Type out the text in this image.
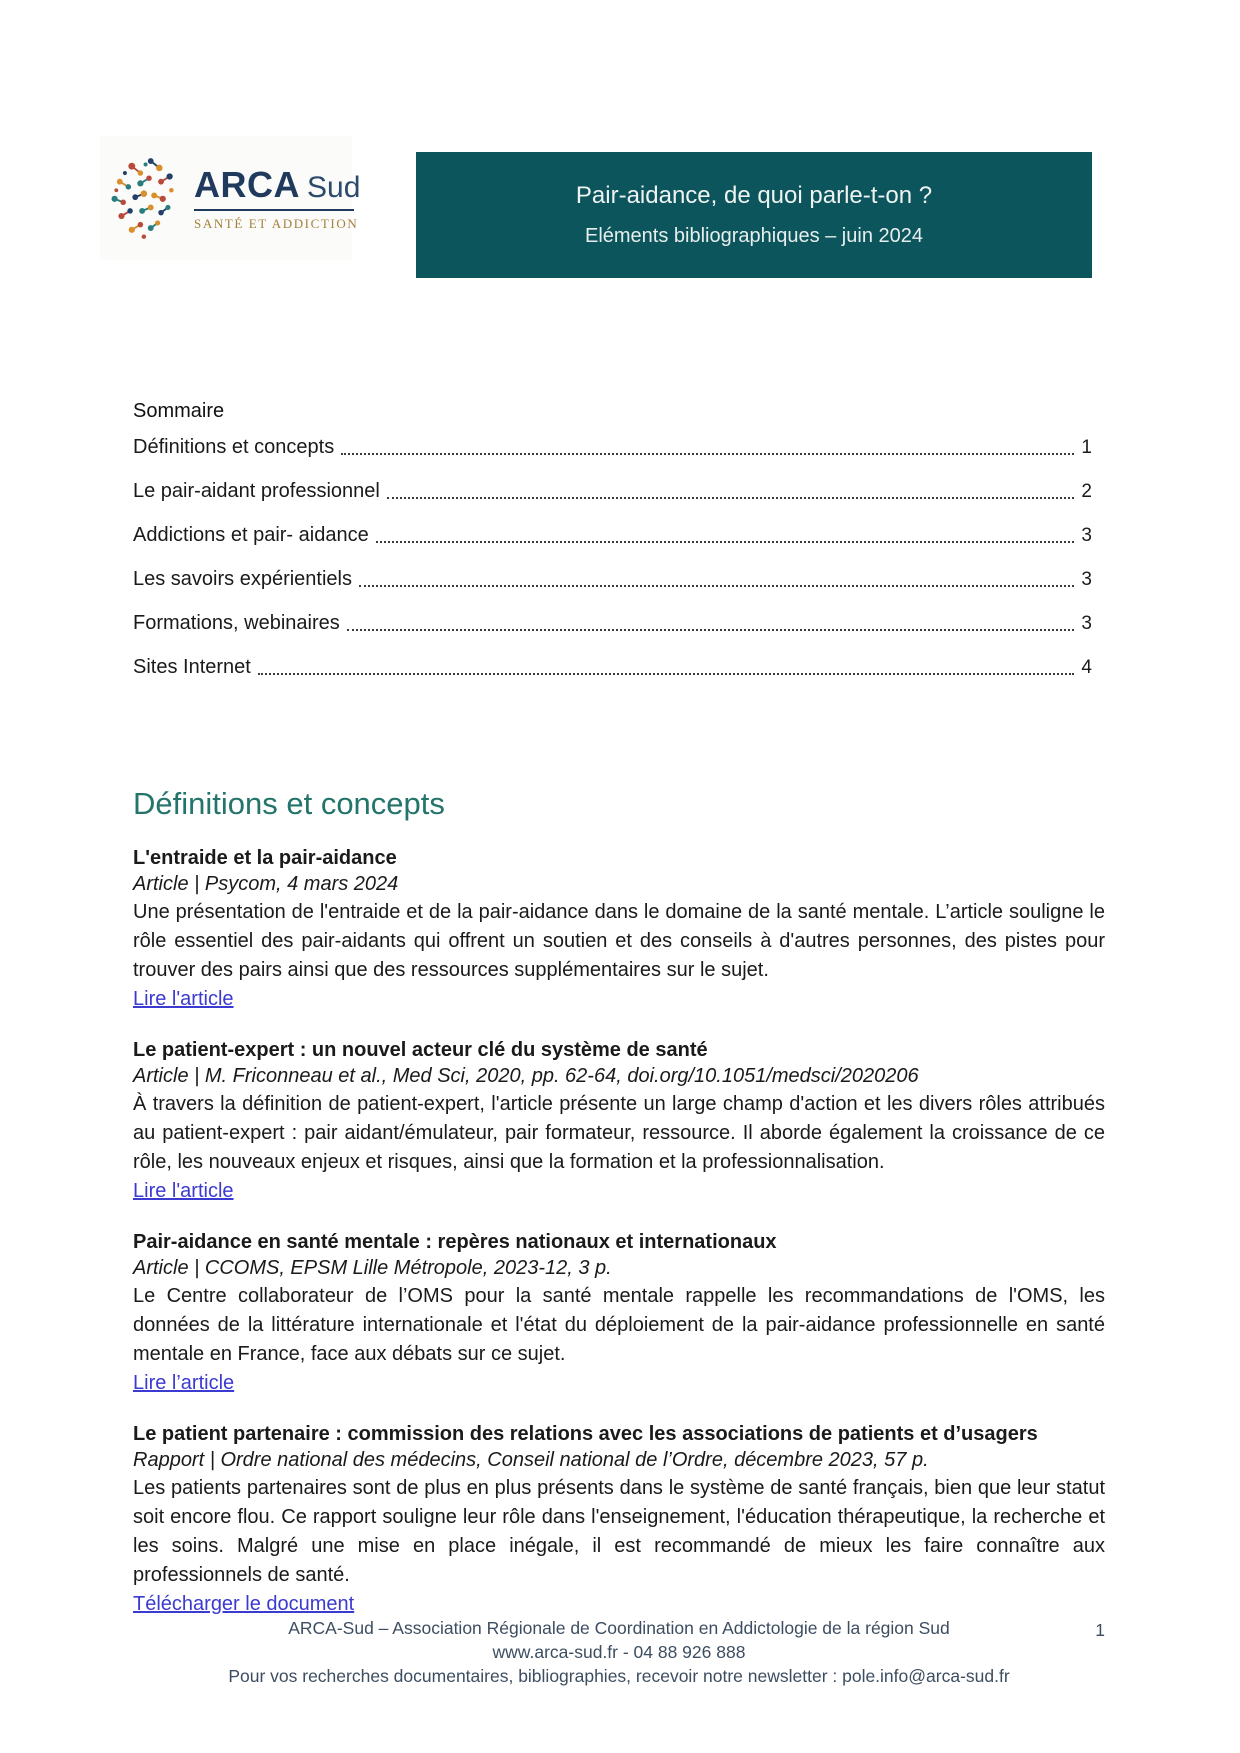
ARCA Sud
SANTÉ ET ADDICTION
Pair-aidance, de quoi parle-t-on ?
Eléments bibliographiques – juin 2024
Sommaire
Définitions et concepts	1
Le pair-aidant professionnel	2
Addictions et pair- aidance	3
Les savoirs expérientiels	3
Formations, webinaires	3
Sites Internet	4
Définitions et concepts
L'entraide et la pair-aidance
Article | Psycom, 4 mars 2024
Une présentation de l'entraide et de la pair-aidance dans le domaine de la santé mentale. L’article souligne le rôle essentiel des pair-aidants qui offrent un soutien et des conseils à d'autres personnes, des pistes pour trouver des pairs ainsi que des ressources supplémentaires sur le sujet.
Lire l'article
Le patient-expert : un nouvel acteur clé du système de santé
Article | M. Friconneau et al., Med Sci, 2020, pp. 62-64, doi.org/10.1051/medsci/2020206
À travers la définition de patient-expert, l'article présente un large champ d'action et les divers rôles attribués au patient-expert : pair aidant/émulateur, pair formateur, ressource. Il aborde également la croissance de ce rôle, les nouveaux enjeux et risques, ainsi que la formation et la professionnalisation.
Lire l'article
Pair-aidance en santé mentale : repères nationaux et internationaux
Article | CCOMS, EPSM Lille Métropole, 2023-12, 3 p.
Le Centre collaborateur de l’OMS pour la santé mentale rappelle les recommandations de l'OMS, les données de la littérature internationale et l'état du déploiement de la pair-aidance professionnelle en santé mentale en France, face aux débats sur ce sujet.
Lire l’article
Le patient partenaire : commission des relations avec les associations de patients et d’usagers
Rapport | Ordre national des médecins, Conseil national de l’Ordre, décembre 2023, 57 p.
Les patients partenaires sont de plus en plus présents dans le système de santé français, bien que leur statut soit encore flou. Ce rapport souligne leur rôle dans l'enseignement, l'éducation thérapeutique, la recherche et les soins. Malgré une mise en place inégale, il est recommandé de mieux les faire connaître aux professionnels de santé.
Télécharger le document
ARCA-Sud – Association Régionale de Coordination en Addictologie de la région Sud
www.arca-sud.fr - 04 88 926 888
Pour vos recherches documentaires, bibliographies, recevoir notre newsletter : pole.info@arca-sud.fr
1
